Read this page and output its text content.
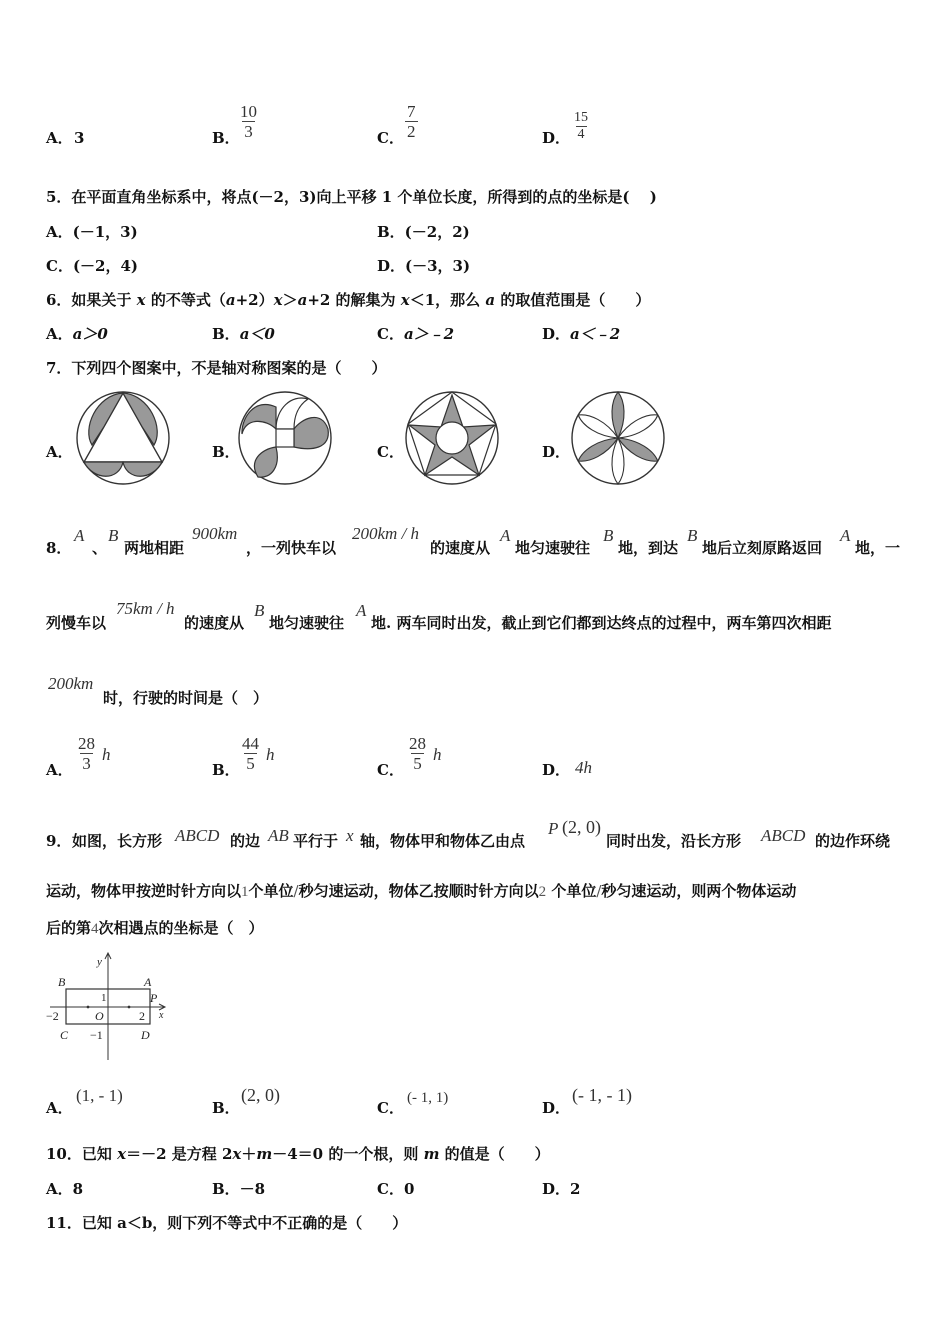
A． 3	B．
$\frac{10}{3}$	C． $\frac{7}{2}$	D． $\frac{15}{4}$
5．在平面直角坐标系中，将点(－2，3)向上平移 1 个单位长度，所得到的点的坐标是(　 )
A．(－1，3)	B．(－2，2)
C．(－2，4)	D．(－3，3)
6．如果关于 x 的不等式（a+2）x＞a+2 的解集为 x＜1，那么 a 的取值范围是（　　）
A．a＞0	B．a＜0	C．a＞﹣2	D．a＜﹣2
7．下列四个图案中，不是轴对称图案的是（　　）
A．	B．	C．	D．
8．
A
、
B
两地相距
900km
，一列快车以
200km / h
的速度从
A
地匀速驶往
B
地，到达
B
地后立刻原路返回
A
地，一
列慢车以
75km / h
的速度从
B
地匀速驶往
A
地. 两车同时出发，截止到它们都到达终点的过程中，两车第四次相距
200km
时，行驶的时间是（　）
A． $\frac{28}{3}$ h
B． $\frac{44}{5}$ h
C． $\frac{28}{5}$ h
D． 4h
9． 如图，长方形 ABCD 的边 AB 平行于 x 轴，物体甲和物体乙由点
P (2, 0)
同时出发，沿长方形 ABCD 的边作环绕
运动，物体甲按逆时针方向以1个单位/秒匀速运动，物体乙按顺时针方向以2 个单位/秒匀速运动，则两个物体运动
后的第4次相遇点的坐标是（　）
B	A
y
P
x
1
O	2
−2
C	D
−1
A．
(1, - 1)
B．
(2, 0)
C．
(- 1, 1)
D．
(- 1, - 1)
10．已知 x＝－2 是方程 2x＋m－4＝0 的一个根，则 m 的值是（　　）
A．8	B．－8	C．0	D．2
11．已知 a＜b，则下列不等式中不正确的是（　　）
